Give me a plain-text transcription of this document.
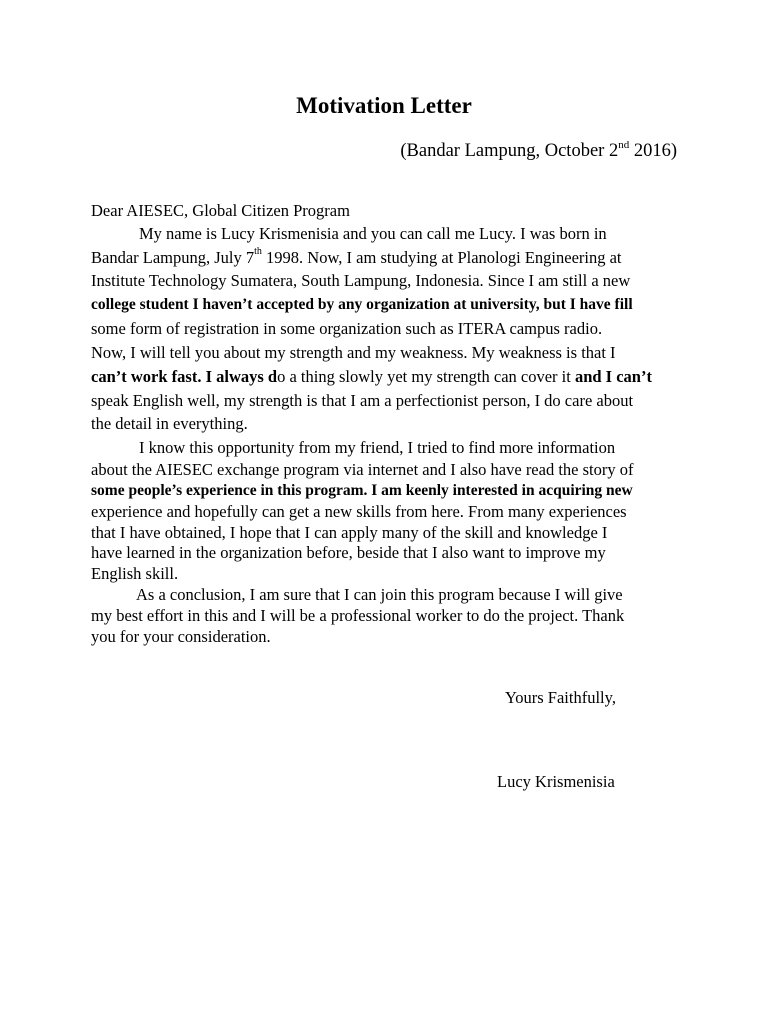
Motivation Letter
(Bandar Lampung, October 2nd 2016)
Dear AIESEC, Global Citizen Program
My name is Lucy Krismenisia and you can call me Lucy. I was born in
Bandar Lampung, July 7th 1998. Now, I am studying at Planologi Engineering at
Institute Technology Sumatera, South Lampung, Indonesia. Since I am still a new
college student I haven’t accepted by any organization at university, but I have fill
some form of registration in some organization such as ITERA campus radio.
Now, I will tell you about my strength and my weakness. My weakness is that I
can’t work fast. I always do a thing slowly yet my strength can cover it and I can’t
speak English well, my strength is that I am a perfectionist person, I do care about
the detail in everything.
I know this opportunity from my friend, I tried to find more information
about the AIESEC exchange program via internet and I also have read the story of
some people’s experience in this program. I am keenly interested in acquiring new
experience and hopefully can get a new skills from here. From many experiences
that I have obtained, I hope that I can apply many of the skill and knowledge I
have learned in the organization before, beside that I also want to improve my
English skill.
As a conclusion, I am sure that I can join this program because I will give
my best effort in this and I will be a professional worker to do the project. Thank
you for your consideration.
Yours Faithfully,
Lucy Krismenisia
